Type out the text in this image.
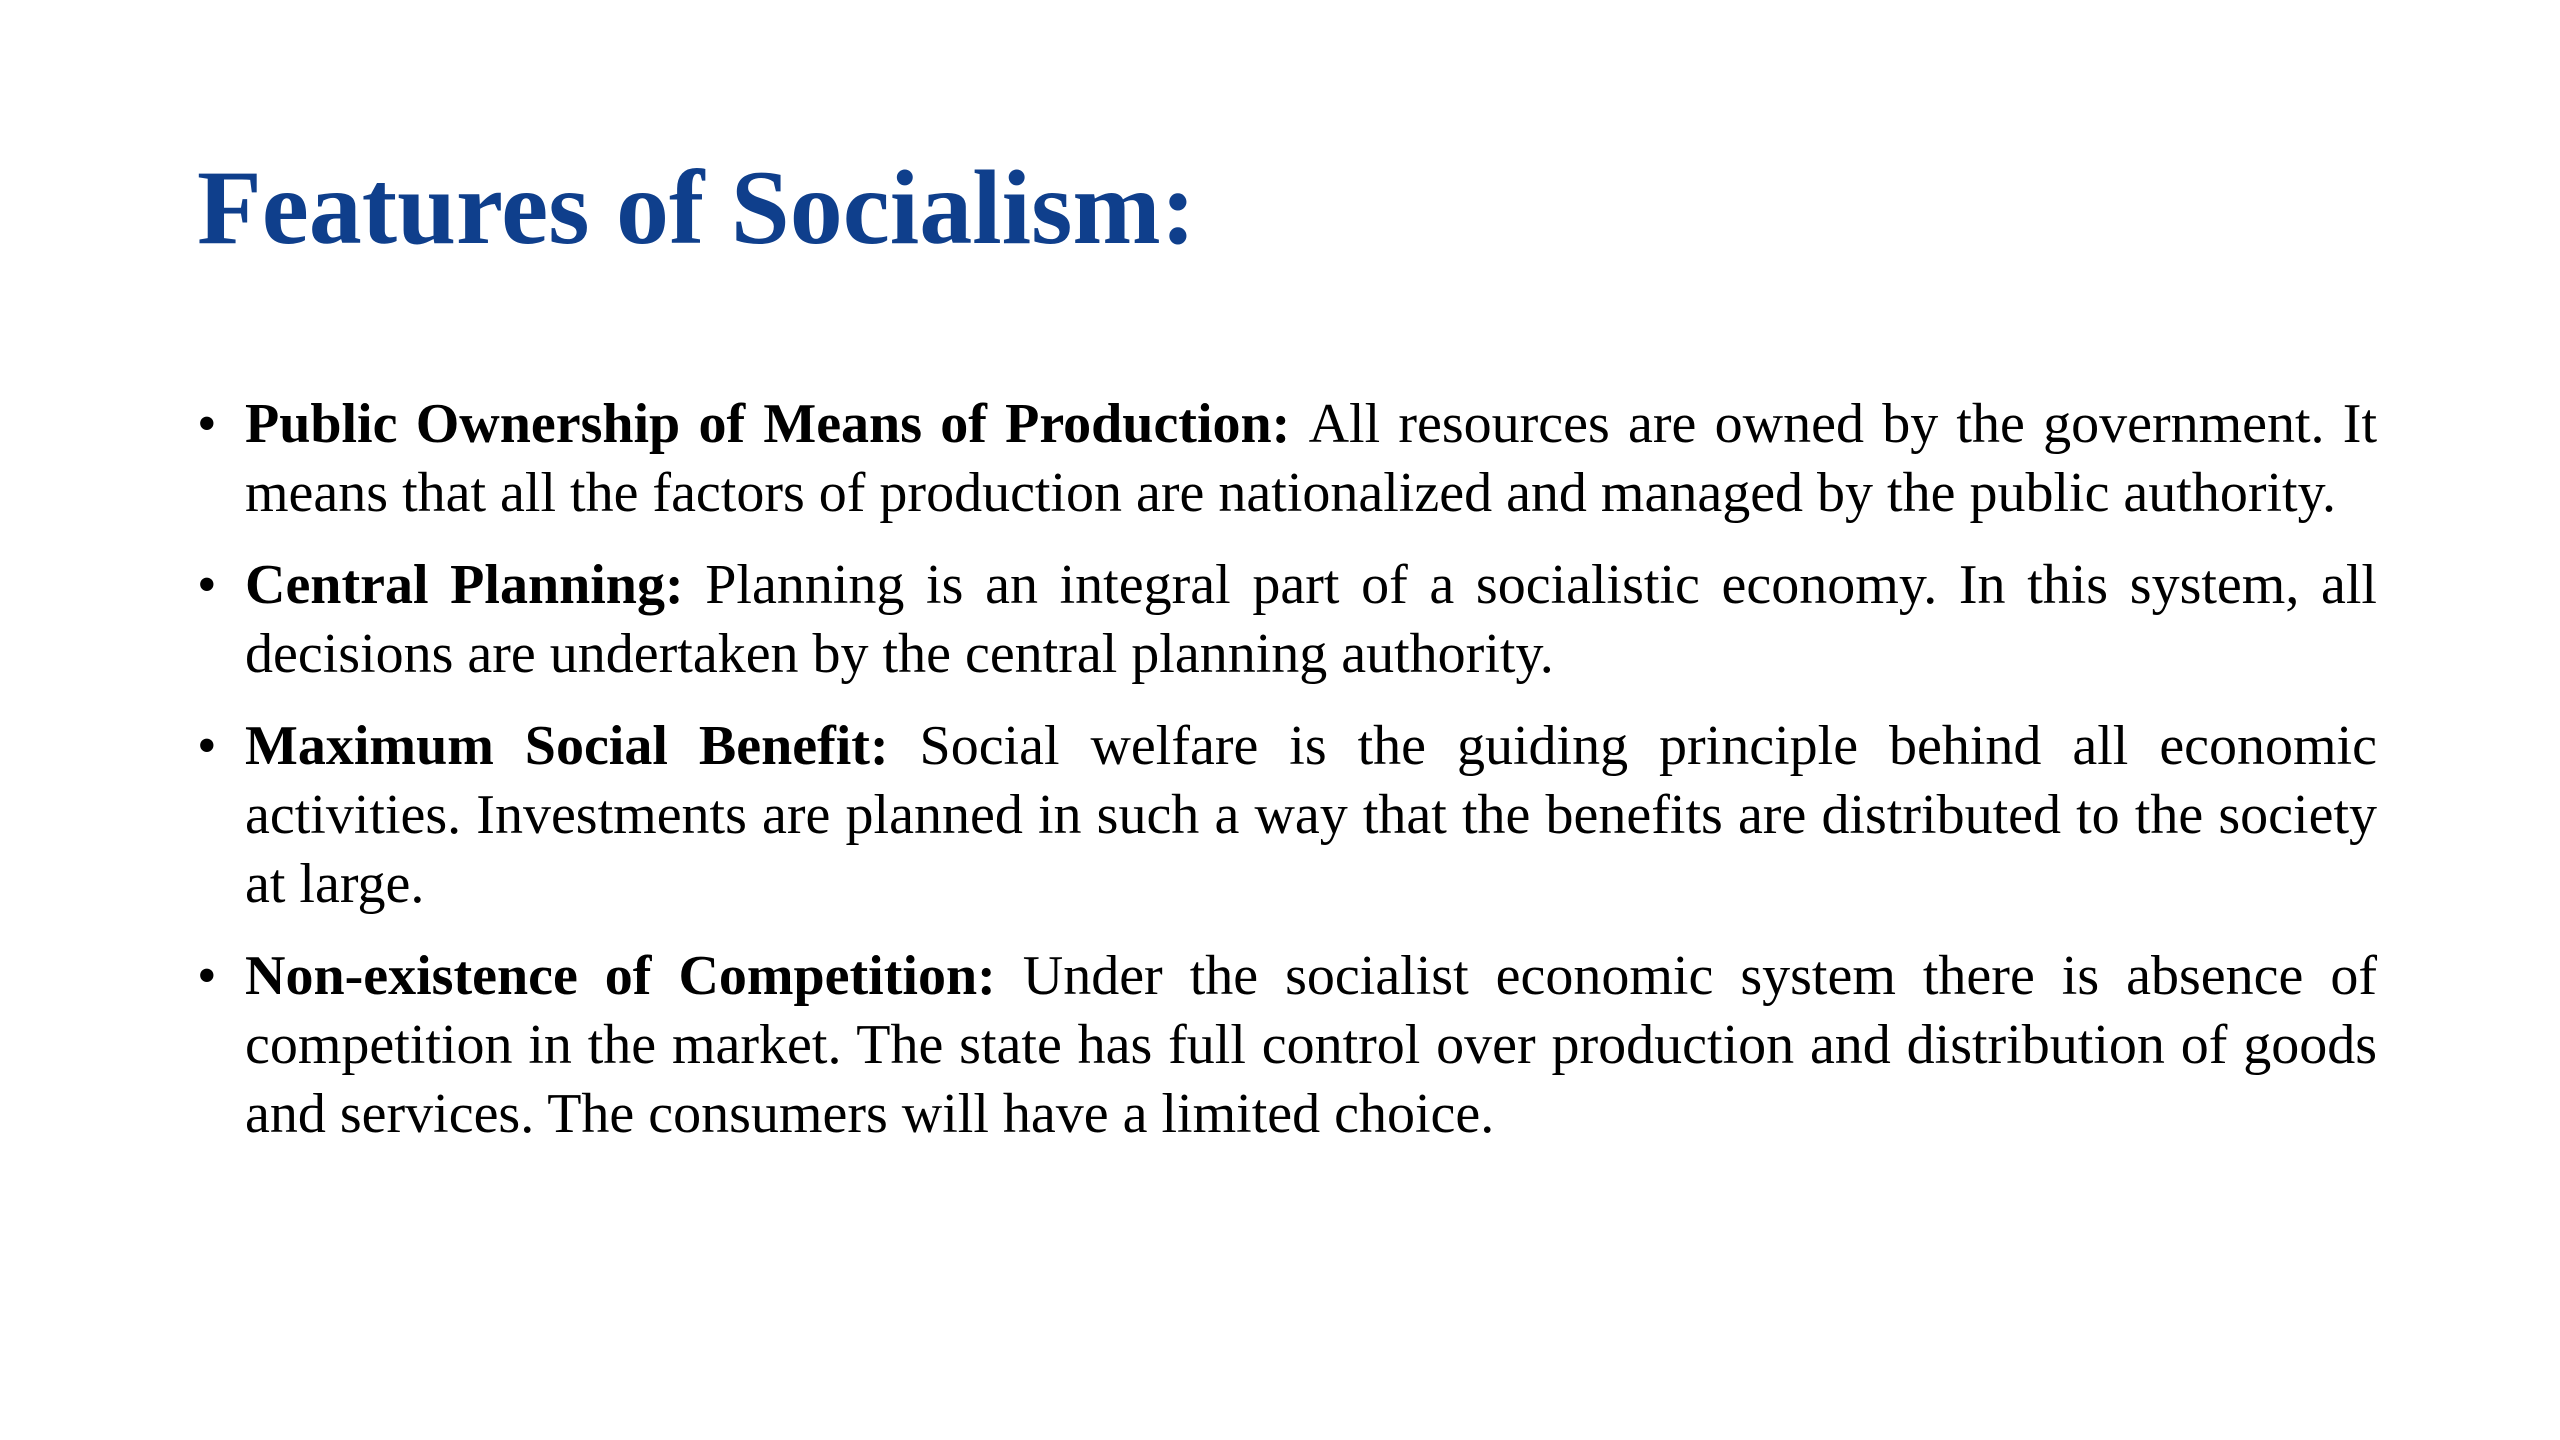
Features of Socialism:
• Public Ownership of Means of Production: All resources are owned by the government. It means that all the factors of production are nationalized and managed by the public authority.
• Central Planning: Planning is an integral part of a socialistic economy. In this system, all decisions are undertaken by the central planning authority.
• Maximum Social Benefit: Social welfare is the guiding principle behind all economic activities. Investments are planned in such a way that the benefits are distributed to the society at large.
• Non-existence of Competition: Under the socialist economic system there is absence of competition in the market. The state has full control over production and distribution of goods and services. The consumers will have a limited choice.
